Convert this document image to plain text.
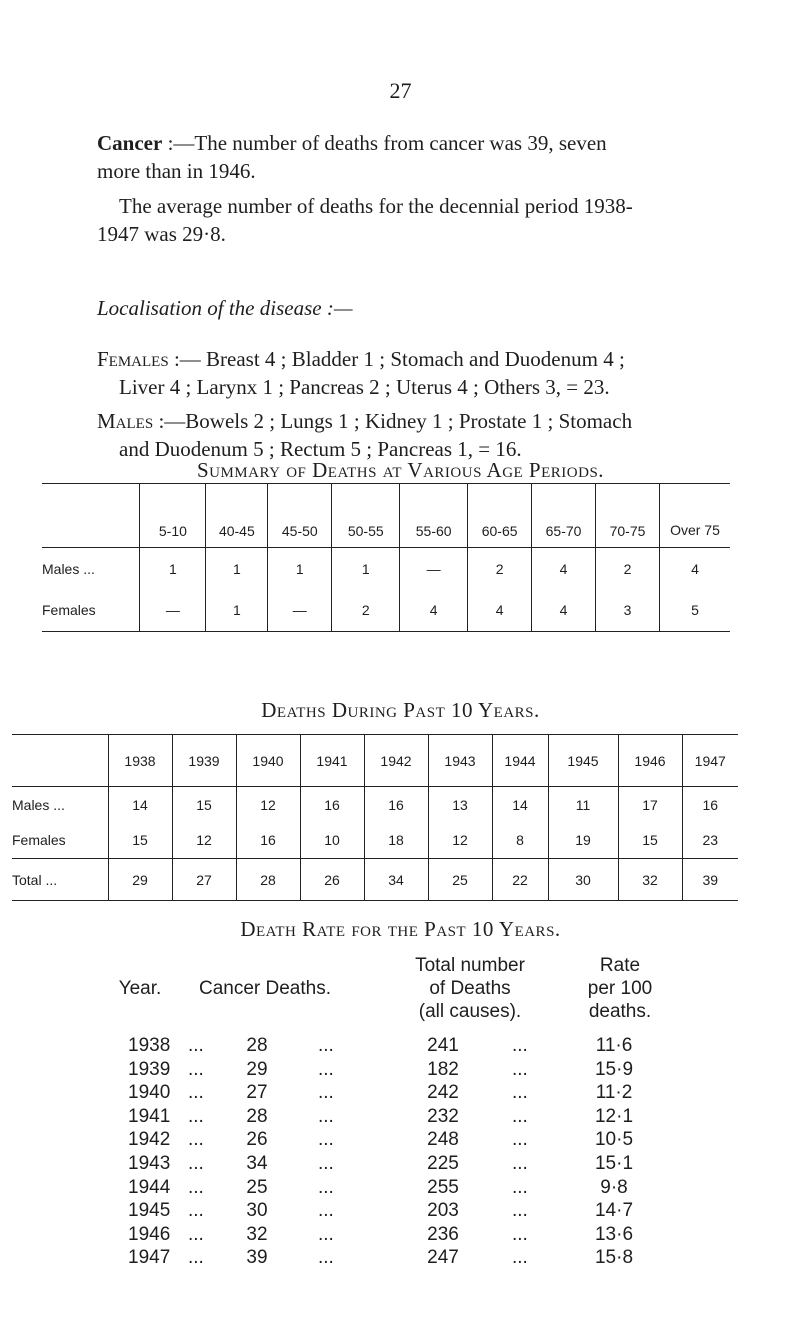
27
Cancer :—The number of deaths from cancer was 39, seven
more than in 1946.
The average number of deaths for the decennial period 1938-
1947 was 29·8.
Localisation of the disease :—
Females :— Breast 4 ; Bladder 1 ; Stomach and Duodenum 4 ;
Liver 4 ; Larynx 1 ; Pancreas 2 ; Uterus 4 ; Others 3, = 23.
Males :—Bowels 2 ; Lungs 1 ; Kidney 1 ; Prostate 1 ; Stomach
and Duodenum 5 ; Rectum 5 ; Pancreas 1, = 16.
Summary of Deaths at Various Age Periods.
	5-10	40-45	45-50	50-55	55-60	60-65	65-70	70-75	Over 75
Males ...	1	1	1	1	—	2	4	2	4
Females	—	1	—	2	4	4	4	3	5
Deaths During Past 10 Years.
	1938	1939	1940	1941	1942	1943	1944	1945	1946	1947
Males ...	14	15	12	16	16	13	14	11	17	16
Females	15	12	16	10	18	12	8	19	15	23
Total ...	29	27	28	26	34	25	22	30	32	39
Death Rate for the Past 10 Years.
Year.	Cancer Deaths.
Total number
of Deaths
(all causes).
Rate
per 100
deaths.
1938 ...	28	...	241	...	11·6
1939 ...	29	...	182	...	15·9
1940 ...	27	...	242	...	11·2
1941 ...	28	...	232	...	12·1
1942 ...	26	...	248	...	10·5
1943 ...	34	...	225	...	15·1
1944 ...	25	...	255	...	9·8
1945 ...	30	...	203	...	14·7
1946 ...	32	...	236	...	13·6
1947 ...	39	...	247	...	15·8
